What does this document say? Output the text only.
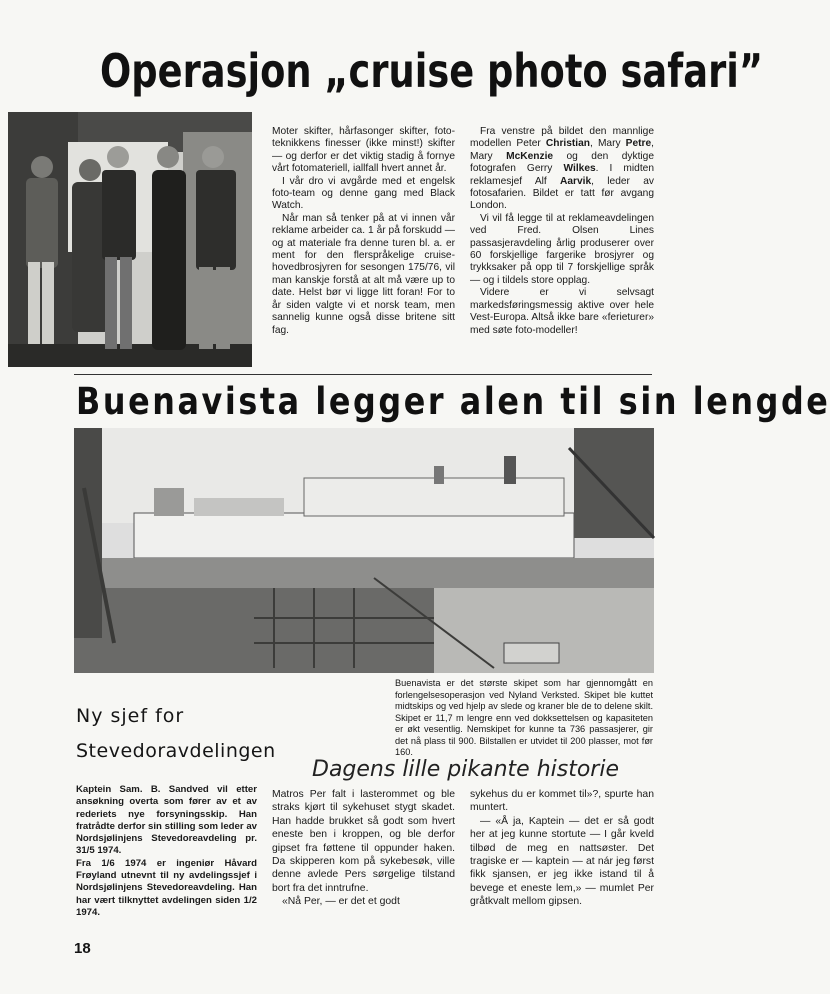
Operasjon „cruise photo safari”

Moter skifter, hårfasonger skifter, foto-teknikkens finesser (ikke minst!) skifter — og derfor er det viktig stadig å fornye vårt fotomateriell, iallfall hvert annet år.

I vår dro vi avgårde med et engelsk foto-team og denne gang med Black Watch.

Når man så tenker på at vi innen vår reklame arbeider ca. 1 år på forskudd — og at materiale fra denne turen bl. a. er ment for den flerspråkelige cruise-hovedbrosjyren for sesongen 175/76, vil man kanskje forstå at alt må være up to date. Helst bør vi ligge litt foran! For to år siden valgte vi et norsk team, men sannelig kunne også disse britene sitt fag.

Fra venstre på bildet den mannlige modellen Peter Christian, Mary Petre, Mary McKenzie og den dyktige fotografen Gerry Wilkes. I midten reklamesjef Alf Aarvik, leder av fotosafarien. Bildet er tatt før avgang London.

Vi vil få legge til at reklameavdelingen ved Fred. Olsen Lines passasjeravdeling årlig produserer over 60 forskjellige fargerike brosjyrer og trykksaker på opp til 7 forskjellige språk — og i tildels store opplag.

Videre er vi selvsagt markedsføringsmessig aktive over hele Vest-Europa. Altså ikke bare «ferieturer» med søte foto-modeller!

Buenavista legger alen til sin lengde
Buenavista er det største skipet som har gjennomgått en forlengelsesoperasjon ved Nyland Verksted. Skipet ble kuttet midtskips og ved hjelp av slede og kraner ble de to delene skilt. Skipet er 11,7 m lengre enn ved dokksettelsen og kapasiteten er økt vesentlig. Nemskipet for kunne ta 736 passasjerer, gir det nå plass til 900. Bilstallen er utvidet til 200 plasser, mot før 160.
Ny sjef for
Stevedoravdelingen

Kaptein Sam. B. Sandved vil etter ansøkning overta som fører av et av rederiets nye forsyningsskip. Han fratrådte derfor sin stilling som leder av Nordsjølinjens Stevedoreavdeling pr. 31/5 1974.

Fra 1/6 1974 er ingeniør Håvard Frøyland utnevnt til ny avdelingssjef i Nordsjølinjens Stevedoreavdeling. Han har vært tilknyttet avdelingen siden 1/2 1974.

Dagens lille pikante historie

Matros Per falt i lasterommet og ble straks kjørt til sykehuset stygt skadet. Han hadde brukket så godt som hvert eneste ben i kroppen, og ble derfor gipset fra føttene til oppunder haken. Da skipperen kom på sykebesøk, ville denne avlede Pers sørgelige tilstand bort fra det inntrufne.

«Nå Per, — er det et godt

sykehus du er kommet til»?, spurte han muntert.

— «Å ja, Kaptein — det er så godt her at jeg kunne stortute — I går kveld tilbød de meg en nattsøster. Det tragiske er — kaptein — at nár jeg først fikk sjansen, er jeg ikke istand til å bevege et eneste lem,» — mumlet Per gråtkvalt mellom gipsen.

18
